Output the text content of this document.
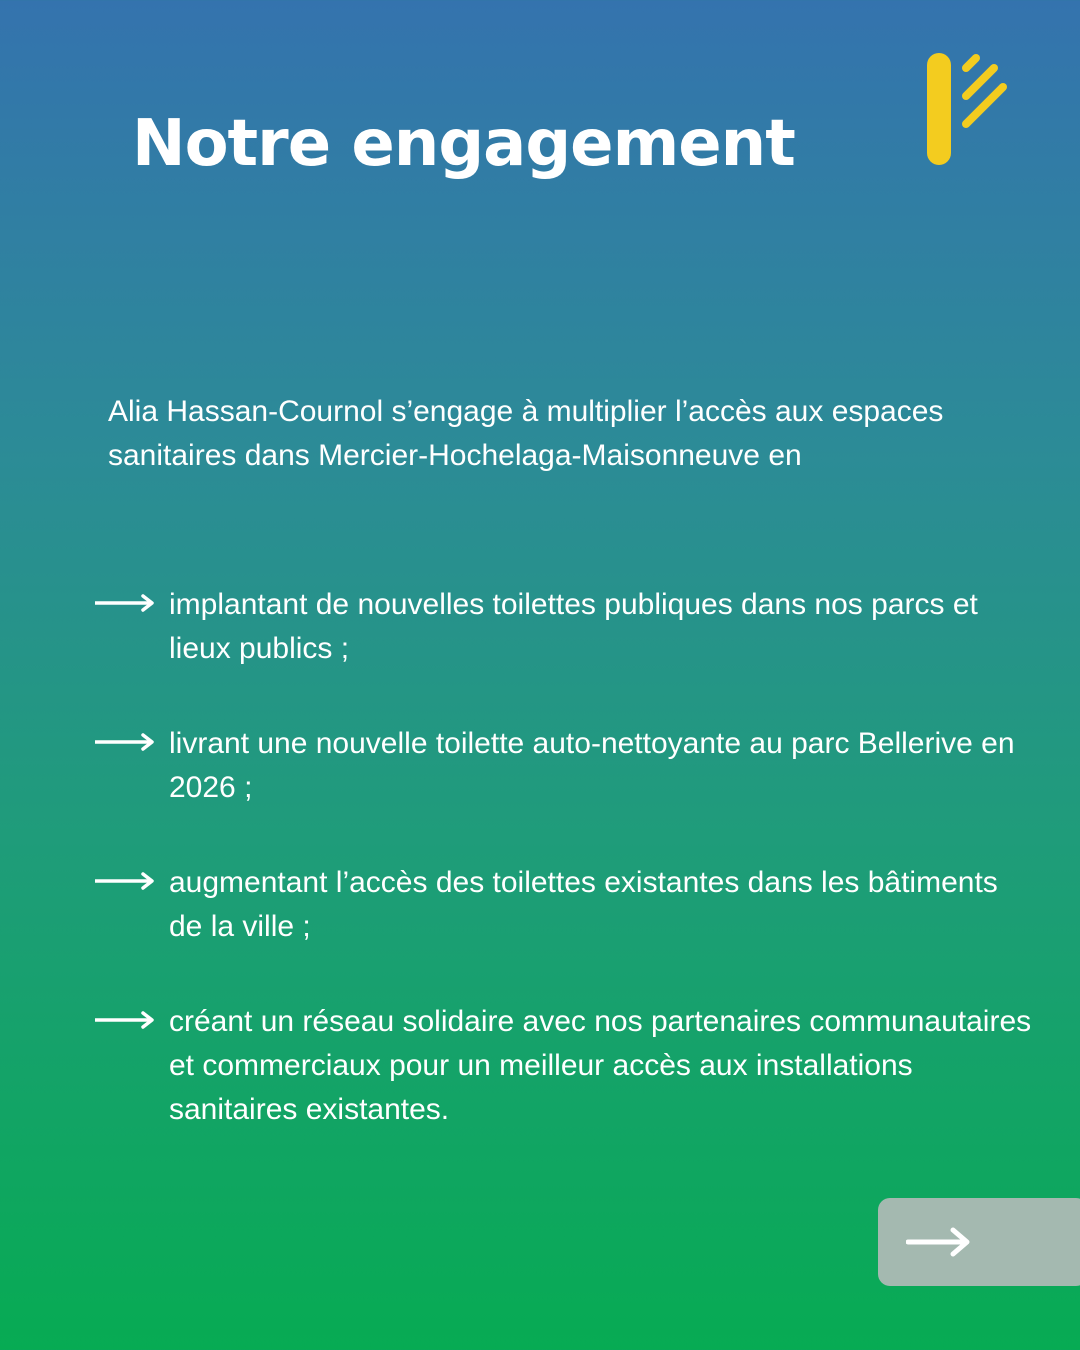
Notre engagement

Alia Hassan-Cournol s’engage à multiplier l’accès aux espaces sanitaires dans Mercier-Hochelaga-Maisonneuve en

implantant de nouvelles toilettes publiques dans nos parcs et lieux publics ;
livrant une nouvelle toilette auto-nettoyante au parc Bellerive en 2026 ;
augmentant l’accès des toilettes existantes dans les bâtiments de la ville ;
créant un réseau solidaire avec nos partenaires communautaires et commerciaux pour un meilleur accès aux installations sanitaires existantes.
